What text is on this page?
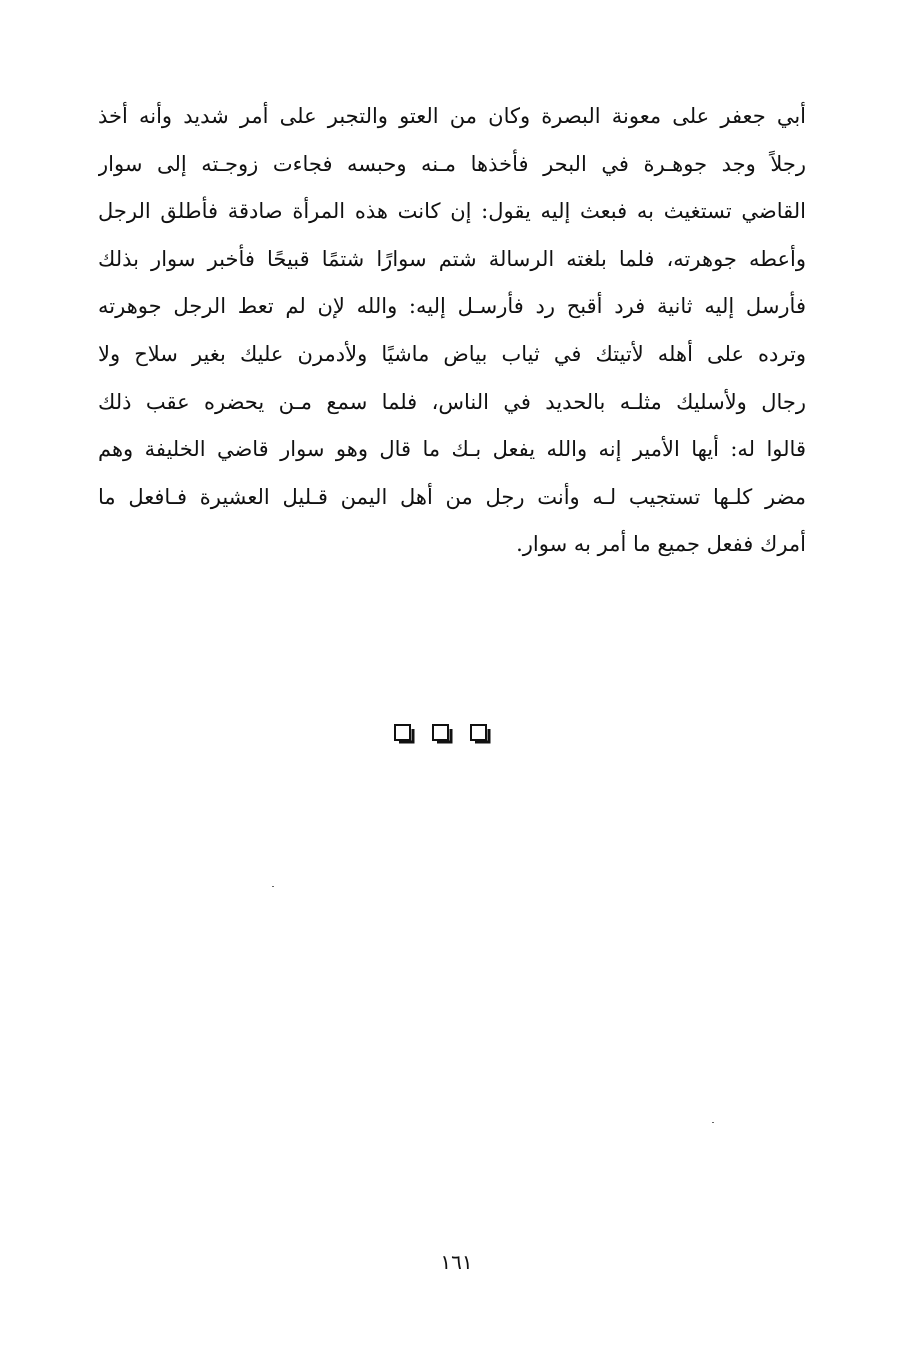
أبي جعفر على معونة البصرة وكان من العتو والتجبر على أمر شديد وأنه أخذ
رجلاً وجد جوهـرة في البحر فأخذها مـنه وحبسه فجاءت زوجـته إلى سوار
القاضي تستغيث به فبعث إليه يقول: إن كانت هذه المرأة صادقة فأطلق الرجل
وأعطه جوهرته، فلما بلغته الرسالة شتم سوارًا شتمًا قبيحًا فأخبر سوار بذلك
فأرسل إليه ثانية فرد أقبح رد فأرسـل إليه: والله لإن لم تعط الرجل جوهرته
وترده على أهله لأتيتك في ثياب بياض ماشيًا ولأدمرن عليك بغير سلاح ولا
رجال ولأسليك مثلـه بالحديد في الناس، فلما سمع مـن يحضره عقب ذلك
قالوا له: أيها الأمير إنه والله يفعل بـك ما قال وهو سوار قاضي الخليفة وهم
مضر كلـها تستجيب لـه وأنت رجل من أهل اليمن قـليل العشيرة فـافعل ما
أمرك ففعل جميع ما أمر به سوار.
١٦١
